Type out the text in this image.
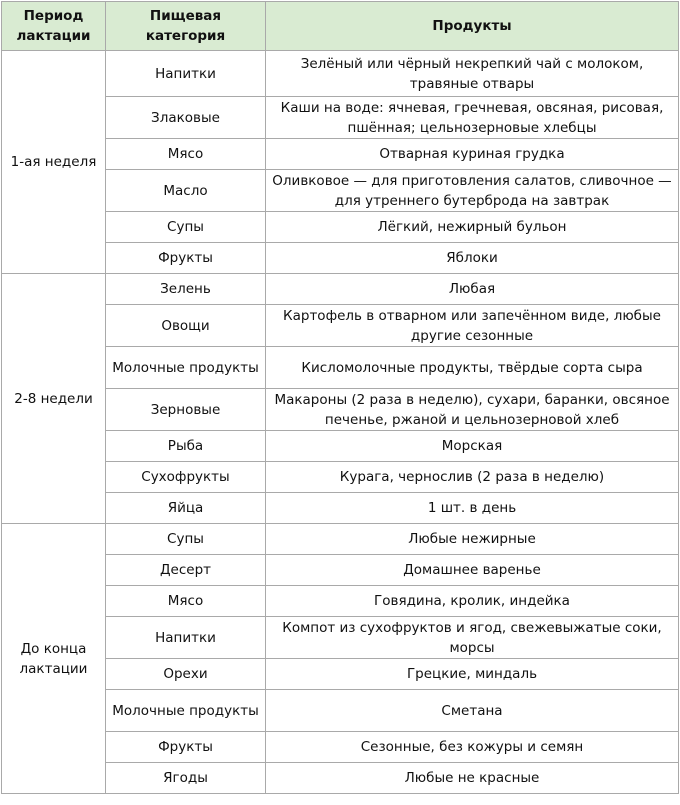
Период лактации	Пищевая категория	Продукты
1-ая неделя	Напитки	Зелёный или чёрный некрепкий чай с молоком, травяные отвары
	Злаковые	Каши на воде: ячневая, гречневая, овсяная, рисовая, пшённая; цельнозерновые хлебцы
	Мясо	Отварная куриная грудка
	Масло	Оливковое — для приготовления салатов, сливочное — для утреннего бутерброда на завтрак
	Супы	Лёгкий, нежирный бульон
	Фрукты	Яблоки
2-8 недели	Зелень	Любая
	Овощи	Картофель в отварном или запечённом виде, любые другие сезонные
	Молочные продукты	Кисломолочные продукты, твёрдые сорта сыра
	Зерновые	Макароны (2 раза в неделю), сухари, баранки, овсяное печенье, ржаной и цельнозерновой хлеб
	Рыба	Морская
	Сухофрукты	Курага, чернослив (2 раза в неделю)
	Яйца	1 шт. в день
До конца лактации	Супы	Любые нежирные
	Десерт	Домашнее варенье
	Мясо	Говядина, кролик, индейка
	Напитки	Компот из сухофруктов и ягод, свежевыжатые соки, морсы
	Орехи	Грецкие, миндаль
	Молочные продукты	Сметана
	Фрукты	Сезонные, без кожуры и семян
	Ягоды	Любые не красные
